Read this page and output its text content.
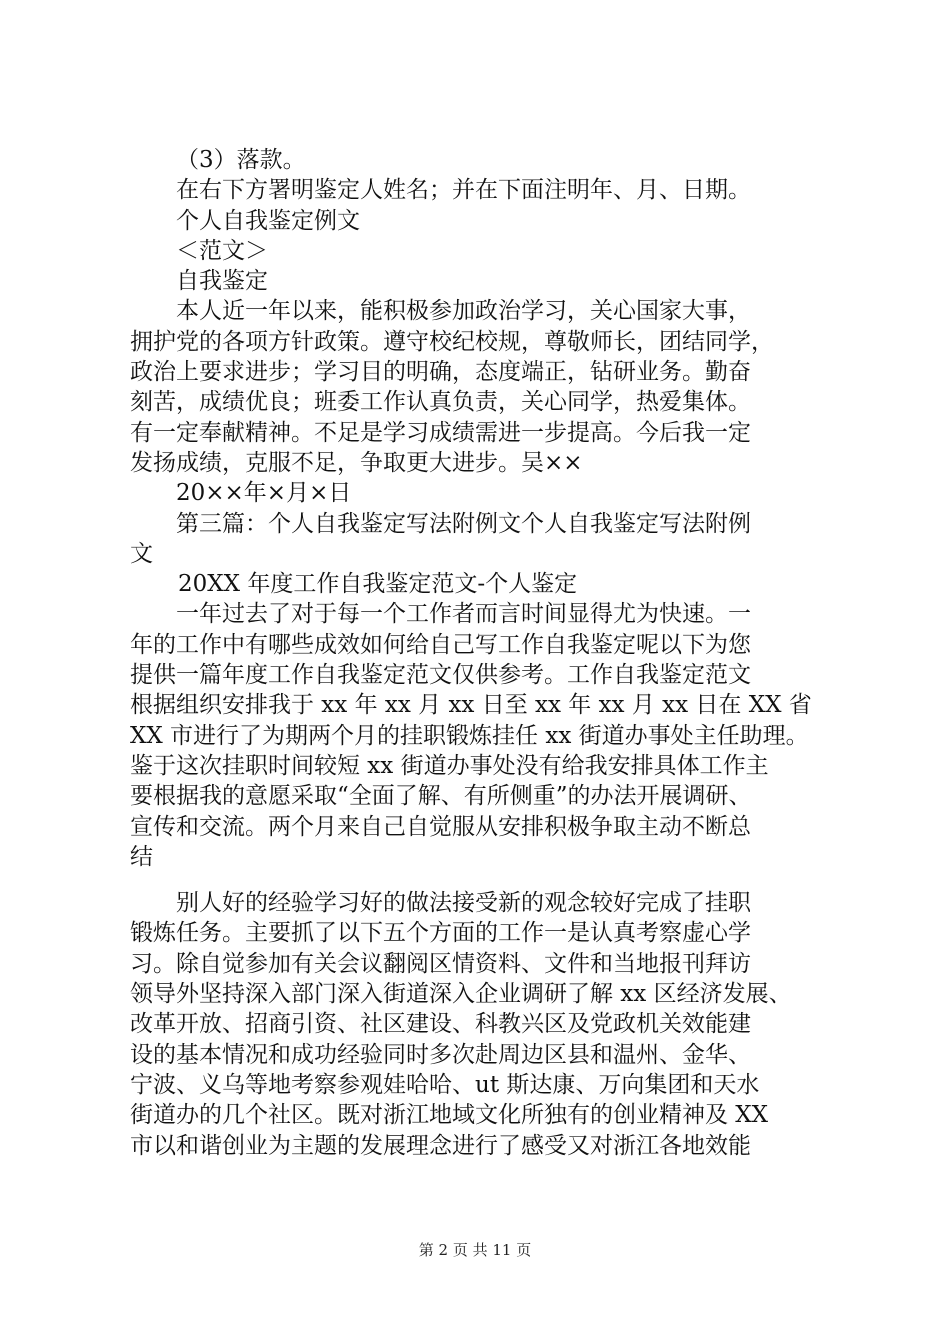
（3）落款。
在右下方署明鉴定人姓名；并在下面注明年、月、日期。
个人自我鉴定例文
＜范文＞
自我鉴定
本人近一年以来，能积极参加政治学习，关心国家大事，
拥护党的各项方针政策。遵守校纪校规，尊敬师长，团结同学，
政治上要求进步；学习目的明确，态度端正，钻研业务。勤奋
刻苦，成绩优良；班委工作认真负责，关心同学，热爱集体。
有一定奉献精神。不足是学习成绩需进一步提高。今后我一定
发扬成绩，克服不足，争取更大进步。吴××
20××年×月×日
第三篇：个人自我鉴定写法附例文个人自我鉴定写法附例
文
20XX 年度工作自我鉴定范文-个人鉴定
一年过去了对于每一个工作者而言时间显得尤为快速。一
年的工作中有哪些成效如何给自己写工作自我鉴定呢以下为您
提供一篇年度工作自我鉴定范文仅供参考。工作自我鉴定范文
根据组织安排我于 xx 年 xx 月 xx 日至 xx 年 xx 月 xx 日在 XX 省
XX 市进行了为期两个月的挂职锻炼挂任 xx 街道办事处主任助理。
鉴于这次挂职时间较短 xx 街道办事处没有给我安排具体工作主
要根据我的意愿采取“全面了解、有所侧重”的办法开展调研、
宣传和交流。两个月来自己自觉服从安排积极争取主动不断总
结
别人好的经验学习好的做法接受新的观念较好完成了挂职
锻炼任务。主要抓了以下五个方面的工作一是认真考察虚心学
习。除自觉参加有关会议翻阅区情资料、文件和当地报刊拜访
领导外坚持深入部门深入街道深入企业调研了解 xx 区经济发展、
改革开放、招商引资、社区建设、科教兴区及党政机关效能建
设的基本情况和成功经验同时多次赴周边区县和温州、金华、
宁波、义乌等地考察参观娃哈哈、ut 斯达康、万向集团和天水
街道办的几个社区。既对浙江地域文化所独有的创业精神及 XX
市以和谐创业为主题的发展理念进行了感受又对浙江各地效能
第 2 页 共 11 页
